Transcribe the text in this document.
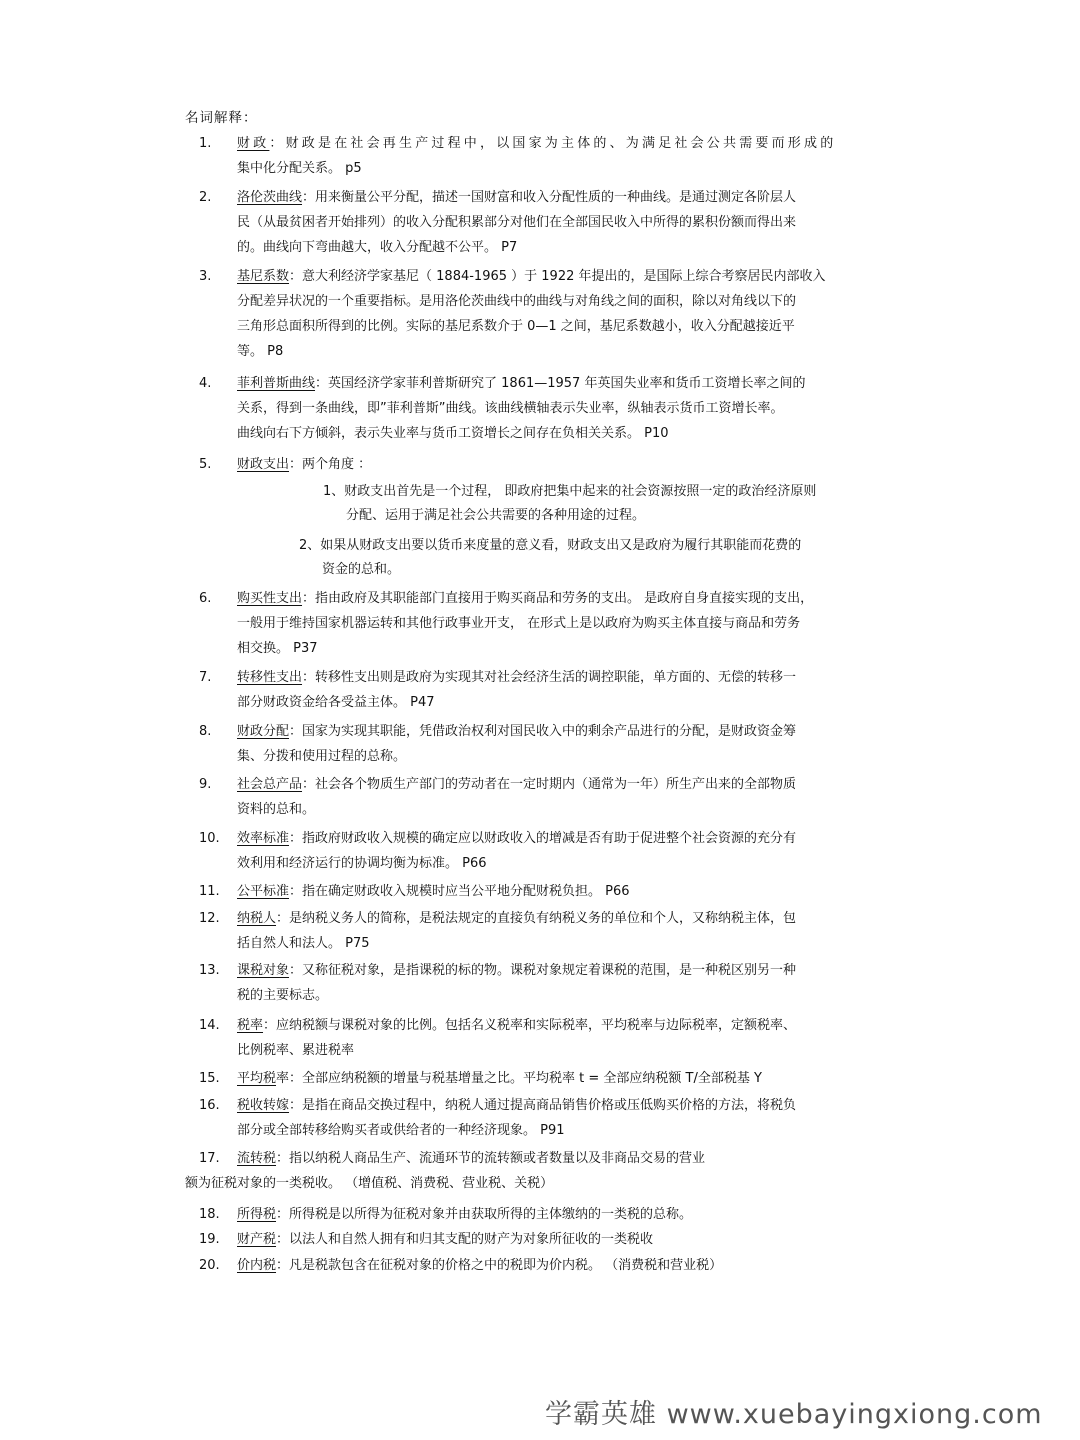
名词解释：
1.	财政：财政是在社会再生产过程中，以国家为主体的、为满足社会公共需要而形成的
集中化分配关系。 p5
2.	洛伦茨曲线：用来衡量公平分配，描述一国财富和收入分配性质的一种曲线。是通过测定各阶层人
民（从最贫困者开始排列）的收入分配积累部分对他们在全部国民收入中所得的累积份额而得出来
的。曲线向下弯曲越大，收入分配越不公平。 P7
3.	基尼系数：意大利经济学家基尼（ 1884-1965 ）于 1922 年提出的，是国际上综合考察居民内部收入
分配差异状况的一个重要指标。是用洛伦茨曲线中的曲线与对角线之间的面积，除以对角线以下的
三角形总面积所得到的比例。实际的基尼系数介于 0—1 之间，基尼系数越小，收入分配越接近平
等。 P8
4.	菲利普斯曲线：英国经济学家菲利普斯研究了 1861—1957 年英国失业率和货币工资增长率之间的
关系，得到一条曲线，即”菲利普斯”曲线。该曲线横轴表示失业率，纵轴表示货币工资增长率。
曲线向右下方倾斜，表示失业率与货币工资增长之间存在负相关关系。 P10
5.	财政支出：两个角度 ：
1、财政支出首先是一个过程， 即政府把集中起来的社会资源按照一定的政治经济原则
分配、运用于满足社会公共需要的各种用途的过程。
2、如果从财政支出要以货币来度量的意义看，财政支出又是政府为履行其职能而花费的
资金的总和。
6.	购买性支出：指由政府及其职能部门直接用于购买商品和劳务的支出。 是政府自身直接实现的支出，
一般用于维持国家机器运转和其他行政事业开支， 在形式上是以政府为购买主体直接与商品和劳务
相交换。 P37
7.	转移性支出：转移性支出则是政府为实现其对社会经济生活的调控职能，单方面的、无偿的转移一
部分财政资金给各受益主体。 P47
8.	财政分配：国家为实现其职能，凭借政治权利对国民收入中的剩余产品进行的分配，是财政资金筹
集、分拨和使用过程的总称。
9.	社会总产品：社会各个物质生产部门的劳动者在一定时期内（通常为一年）所生产出来的全部物质
资料的总和。
10.	效率标准：指政府财政收入规模的确定应以财政收入的增减是否有助于促进整个社会资源的充分有
效利用和经济运行的协调均衡为标准。 P66
11.	公平标准：指在确定财政收入规模时应当公平地分配财税负担。 P66
12.	纳税人：是纳税义务人的简称，是税法规定的直接负有纳税义务的单位和个人，又称纳税主体，包
括自然人和法人。 P75
13.	课税对象：又称征税对象，是指课税的标的物。课税对象规定着课税的范围，是一种税区别另一种
税的主要标志。
14.	税率：应纳税额与课税对象的比例。包括名义税率和实际税率，平均税率与边际税率，定额税率、
比例税率、累进税率
15.	平均税率：全部应纳税额的增量与税基增量之比。平均税率 t = 全部应纳税额 T/全部税基 Y
16.	税收转嫁：是指在商品交换过程中，纳税人通过提高商品销售价格或压低购买价格的方法，将税负
部分或全部转移给购买者或供给者的一种经济现象。 P91
17.	流转税：指以纳税人商品生产、流通环节的流转额或者数量以及非商品交易的营业
额为征税对象的一类税收。 （增值税、消费税、营业税、关税）
18.	所得税：所得税是以所得为征税对象并由获取所得的主体缴纳的一类税的总称。
19.	财产税：以法人和自然人拥有和归其支配的财产为对象所征收的一类税收
20.	价内税：凡是税款包含在征税对象的价格之中的税即为价内税。 （消费税和营业税）
学霸英雄 www.xuebayingxiong.com
